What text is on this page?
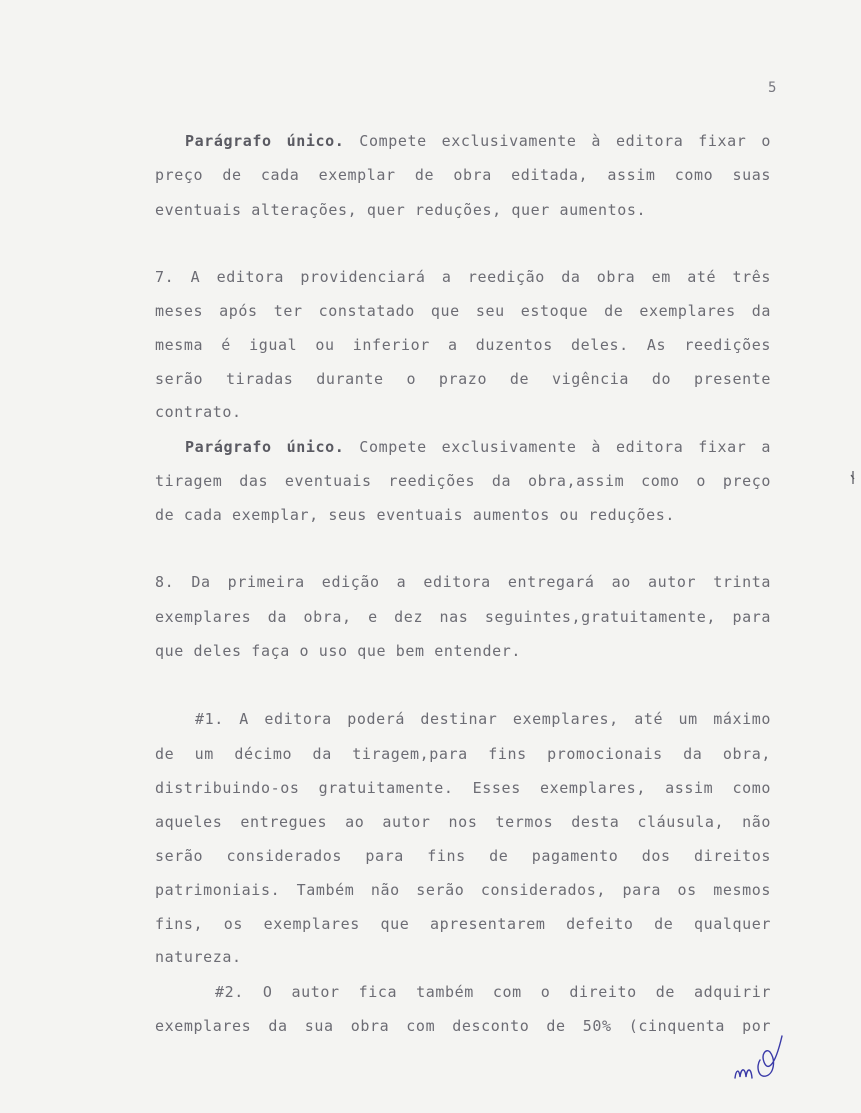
5
Parágrafo único. Compete exclusivamente à editora fixar o
preço de cada exemplar de obra editada, assim como suas
eventuais alterações, quer reduções, quer aumentos.
7. A editora providenciará a reedição da obra em até três
meses após ter constatado que seu estoque de exemplares da
mesma é igual ou inferior a duzentos deles. As reedições
serão tiradas durante o prazo de vigência do presente
contrato.
Parágrafo único. Compete exclusivamente à editora fixar a
tiragem das eventuais reedições da obra,assim como o preço
de cada exemplar, seus eventuais aumentos ou reduções.
8. Da primeira edição a editora entregará ao autor trinta
exemplares da obra, e dez nas seguintes,gratuitamente, para
que deles faça o uso que bem entender.
#1. A editora poderá destinar exemplares, até um máximo
de um décimo da tiragem,para fins promocionais da obra,
distribuindo-os gratuitamente. Esses exemplares, assim como
aqueles entregues ao autor nos termos desta cláusula, não
serão considerados para fins de pagamento dos direitos
patrimoniais. Também não serão considerados, para os mesmos
fins, os exemplares que apresentarem defeito de qualquer
natureza.
#2. O autor fica também com o direito de adquirir
exemplares da sua obra com desconto de 50% (cinquenta por
